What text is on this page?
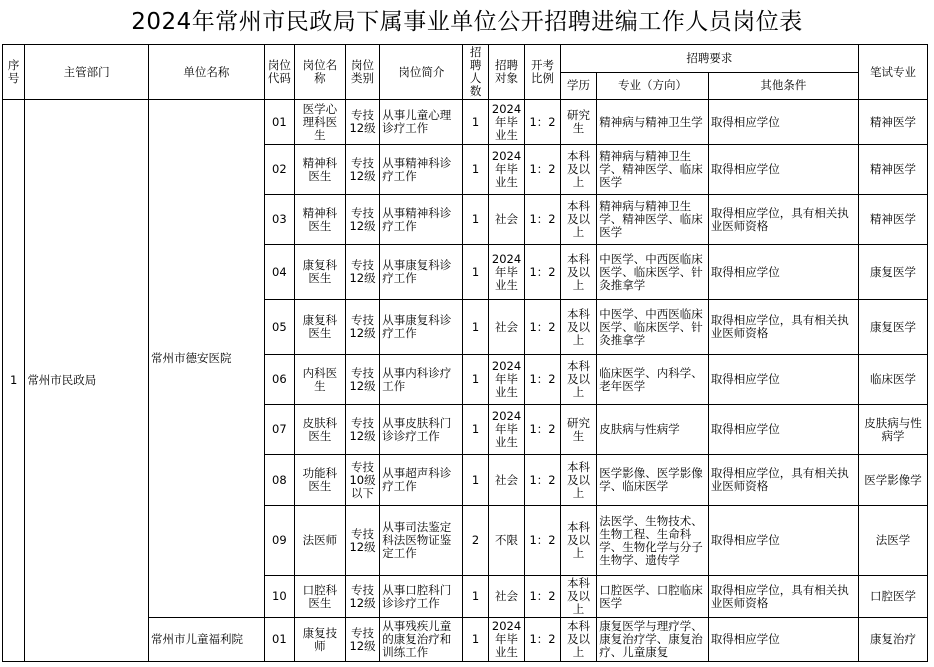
2024年常州市民政局下属事业单位公开招聘进编工作人员岗位表
序号	主管部门	单位名称	岗位代码	岗位名称	岗位类别	岗位简介	招聘人数	招聘对象	开考比例	招聘要求			笔试专业
										学历	专业（方向）	其他条件	
1	常州市民政局	常州市德安医院	01	医学心理科医生	专技12级	从事儿童心理诊疗工作	1	2024年毕业生	1：2	研究生	精神病与精神卫生学	取得相应学位	精神医学
			02	精神科医生	专技12级	从事精神科诊疗工作	1	2024年毕业生	1：2	本科及以上	精神病与精神卫生学、精神医学、临床医学	取得相应学位	精神医学
			03	精神科医生	专技12级	从事精神科诊疗工作	1	社会	1：2	本科及以上	精神病与精神卫生学、精神医学、临床医学	取得相应学位，具有相关执业医师资格	精神医学
			04	康复科医生	专技12级	从事康复科诊疗工作	1	2024年毕业生	1：2	本科及以上	中医学、中西医临床医学、临床医学、针灸推拿学	取得相应学位	康复医学
			05	康复科医生	专技12级	从事康复科诊疗工作	1	社会	1：2	本科及以上	中医学、中西医临床医学、临床医学、针灸推拿学	取得相应学位，具有相关执业医师资格	康复医学
			06	内科医生	专技12级	从事内科诊疗工作	1	2024年毕业生	1：2	本科及以上	临床医学、内科学、老年医学	取得相应学位	临床医学
			07	皮肤科医生	专技12级	从事皮肤科门诊诊疗工作	1	2024年毕业生	1：2	研究生	皮肤病与性病学	取得相应学位	皮肤病与性病学
			08	功能科医生	专技10级以下	从事超声科诊疗工作	1	社会	1：2	本科及以上	医学影像、医学影像学、临床医学	取得相应学位，具有相关执业医师资格	医学影像学
			09	法医师	专技12级	从事司法鉴定科法医物证鉴定工作	2	不限	1：2	本科及以上	法医学、生物技术、生物工程、生命科学、生物化学与分子生物学、遗传学	取得相应学位	法医学
			10	口腔科医生	专技12级	从事口腔科门诊诊疗工作	1	社会	1：2	本科及以上	口腔医学、口腔临床医学	取得相应学位，具有相关执业医师资格	口腔医学
		常州市儿童福利院	01	康复技师	专技12级	从事残疾儿童的康复治疗和训练工作	1	2024年毕业生	1：2	本科及以上	康复医学与理疗学、康复治疗学、康复治疗、儿童康复	取得相应学位	康复治疗
